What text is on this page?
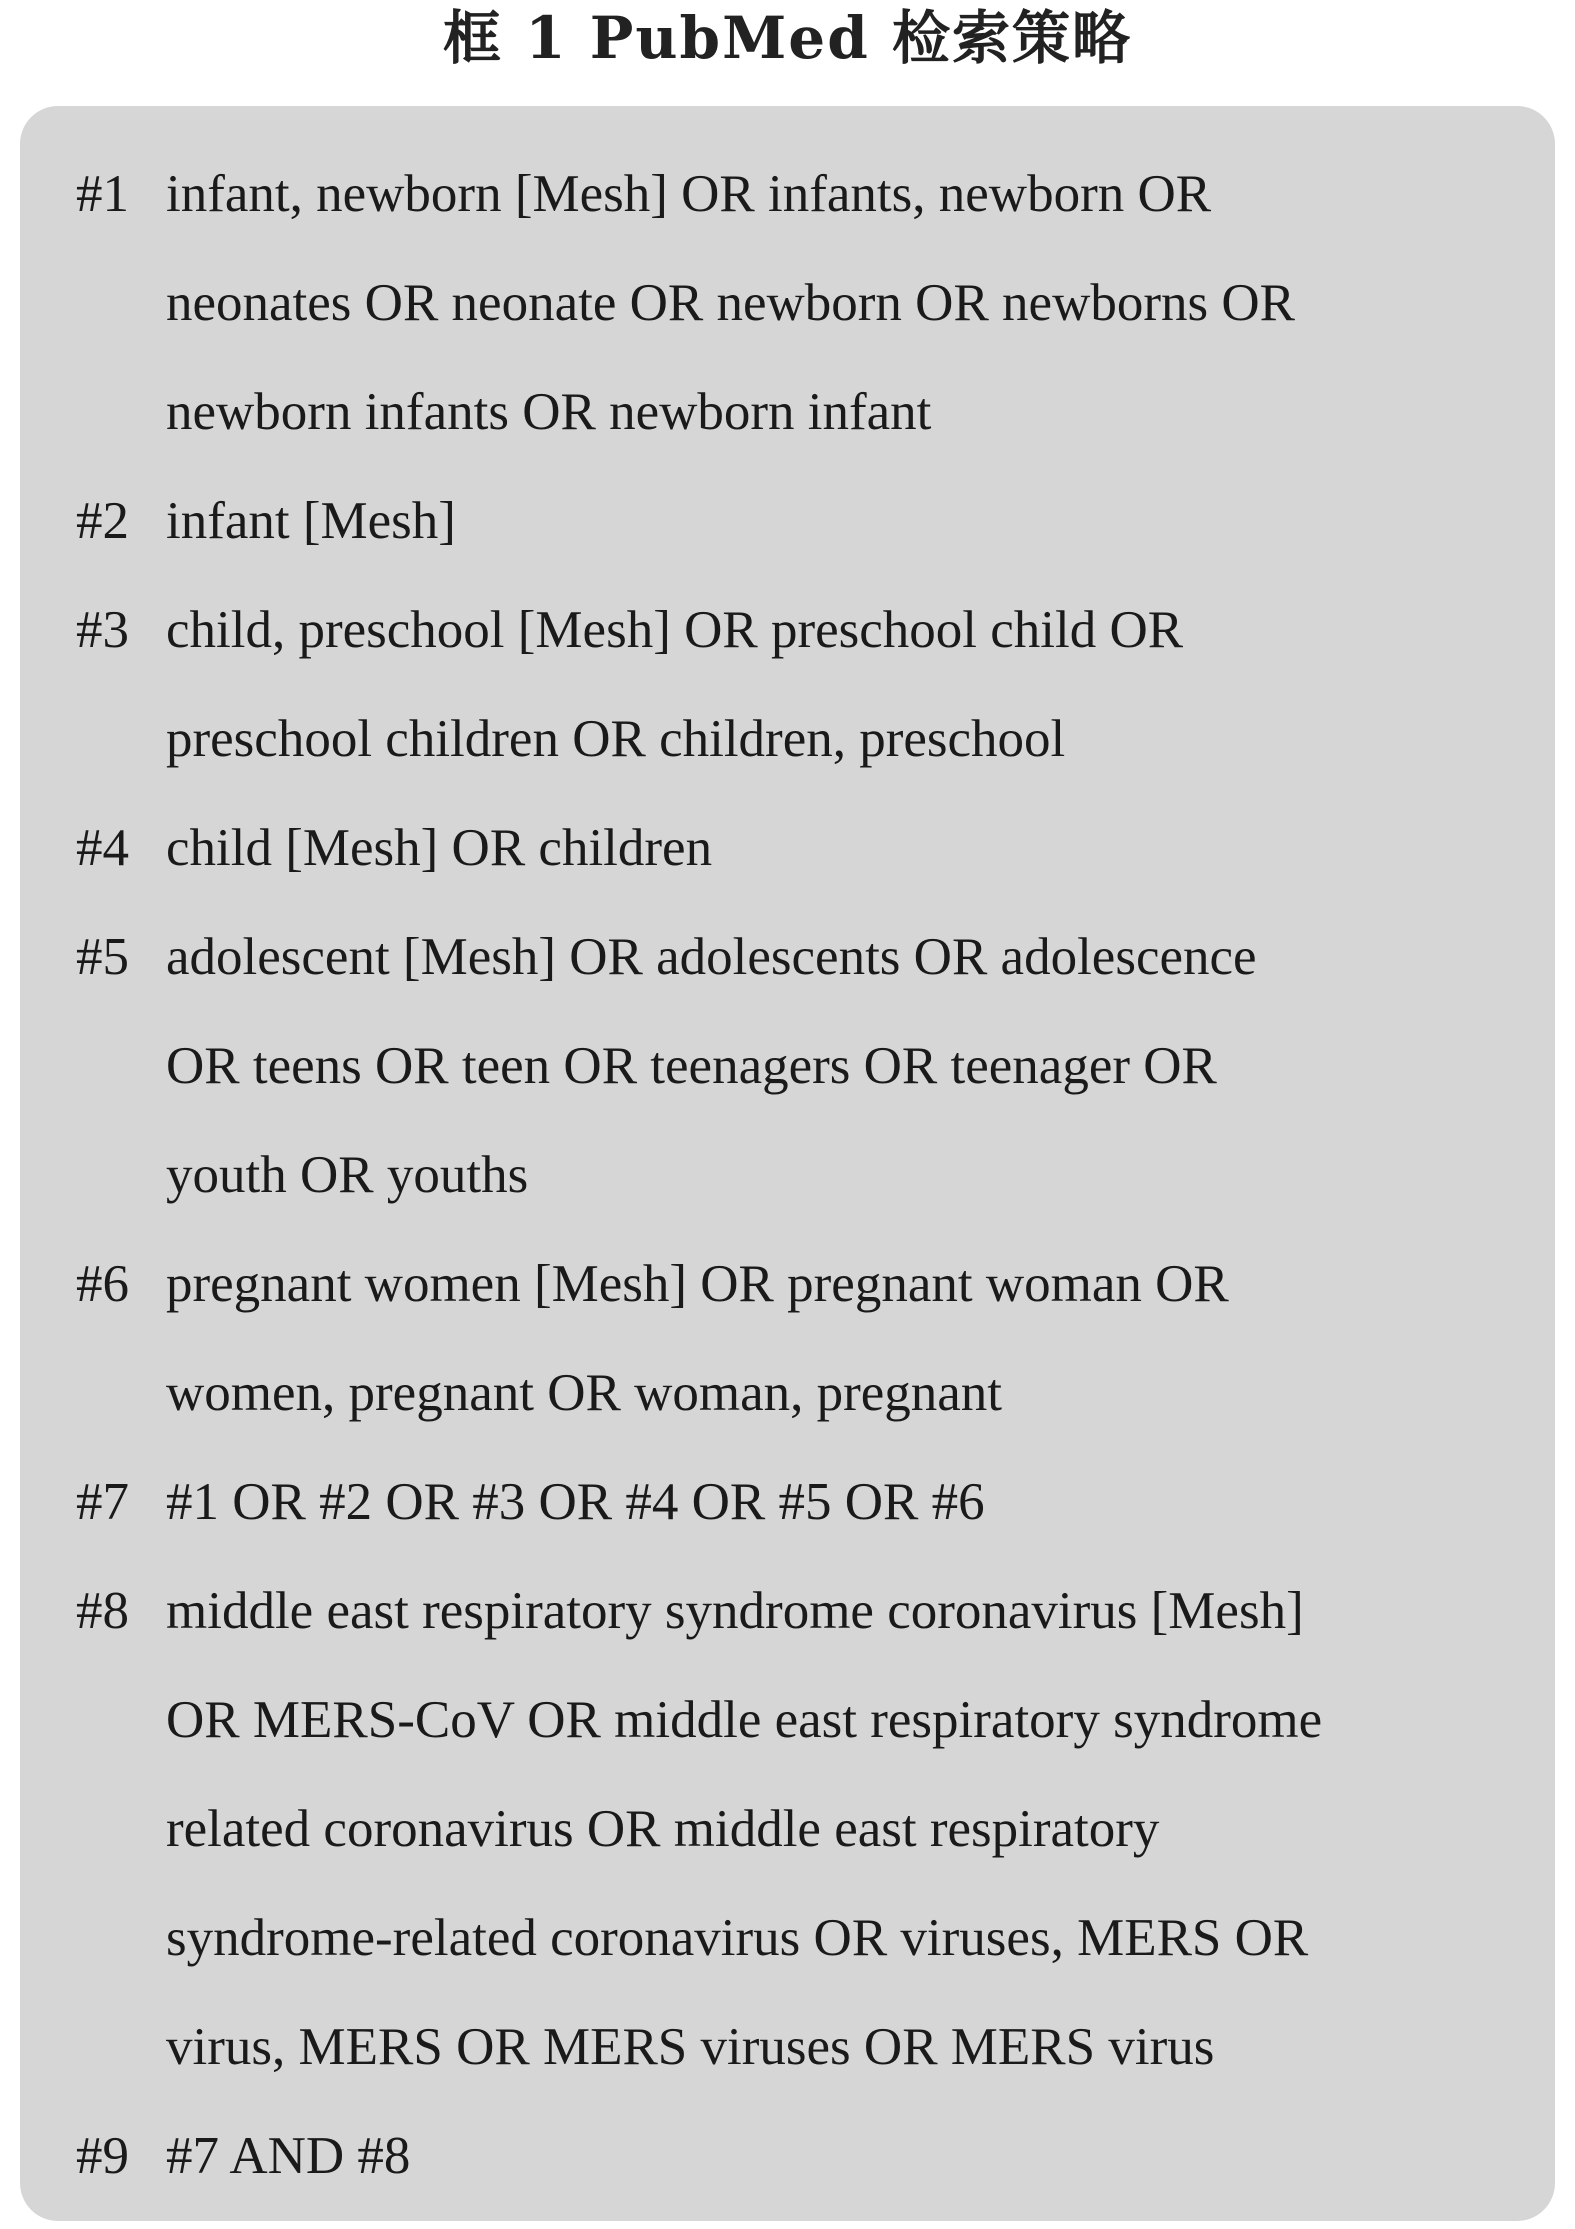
框 1 PubMed 检索策略
#1 infant, newborn [Mesh] OR infants, newborn OR
neonates OR neonate OR newborn OR newborns OR
newborn infants OR newborn infant
#2 infant [Mesh]
#3 child, preschool [Mesh] OR preschool child OR
preschool children OR children, preschool
#4 child [Mesh] OR children
#5 adolescent [Mesh] OR adolescents OR adolescence
OR teens OR teen OR teenagers OR teenager OR
youth OR youths
#6 pregnant women [Mesh] OR pregnant woman OR
women, pregnant OR woman, pregnant
#7 #1 OR #2 OR #3 OR #4 OR #5 OR #6
#8 middle east respiratory syndrome coronavirus [Mesh]
OR MERS-CoV OR middle east respiratory syndrome
related coronavirus OR middle east respiratory
syndrome-related coronavirus OR viruses, MERS OR
virus, MERS OR MERS viruses OR MERS virus
#9 #7 AND #8
